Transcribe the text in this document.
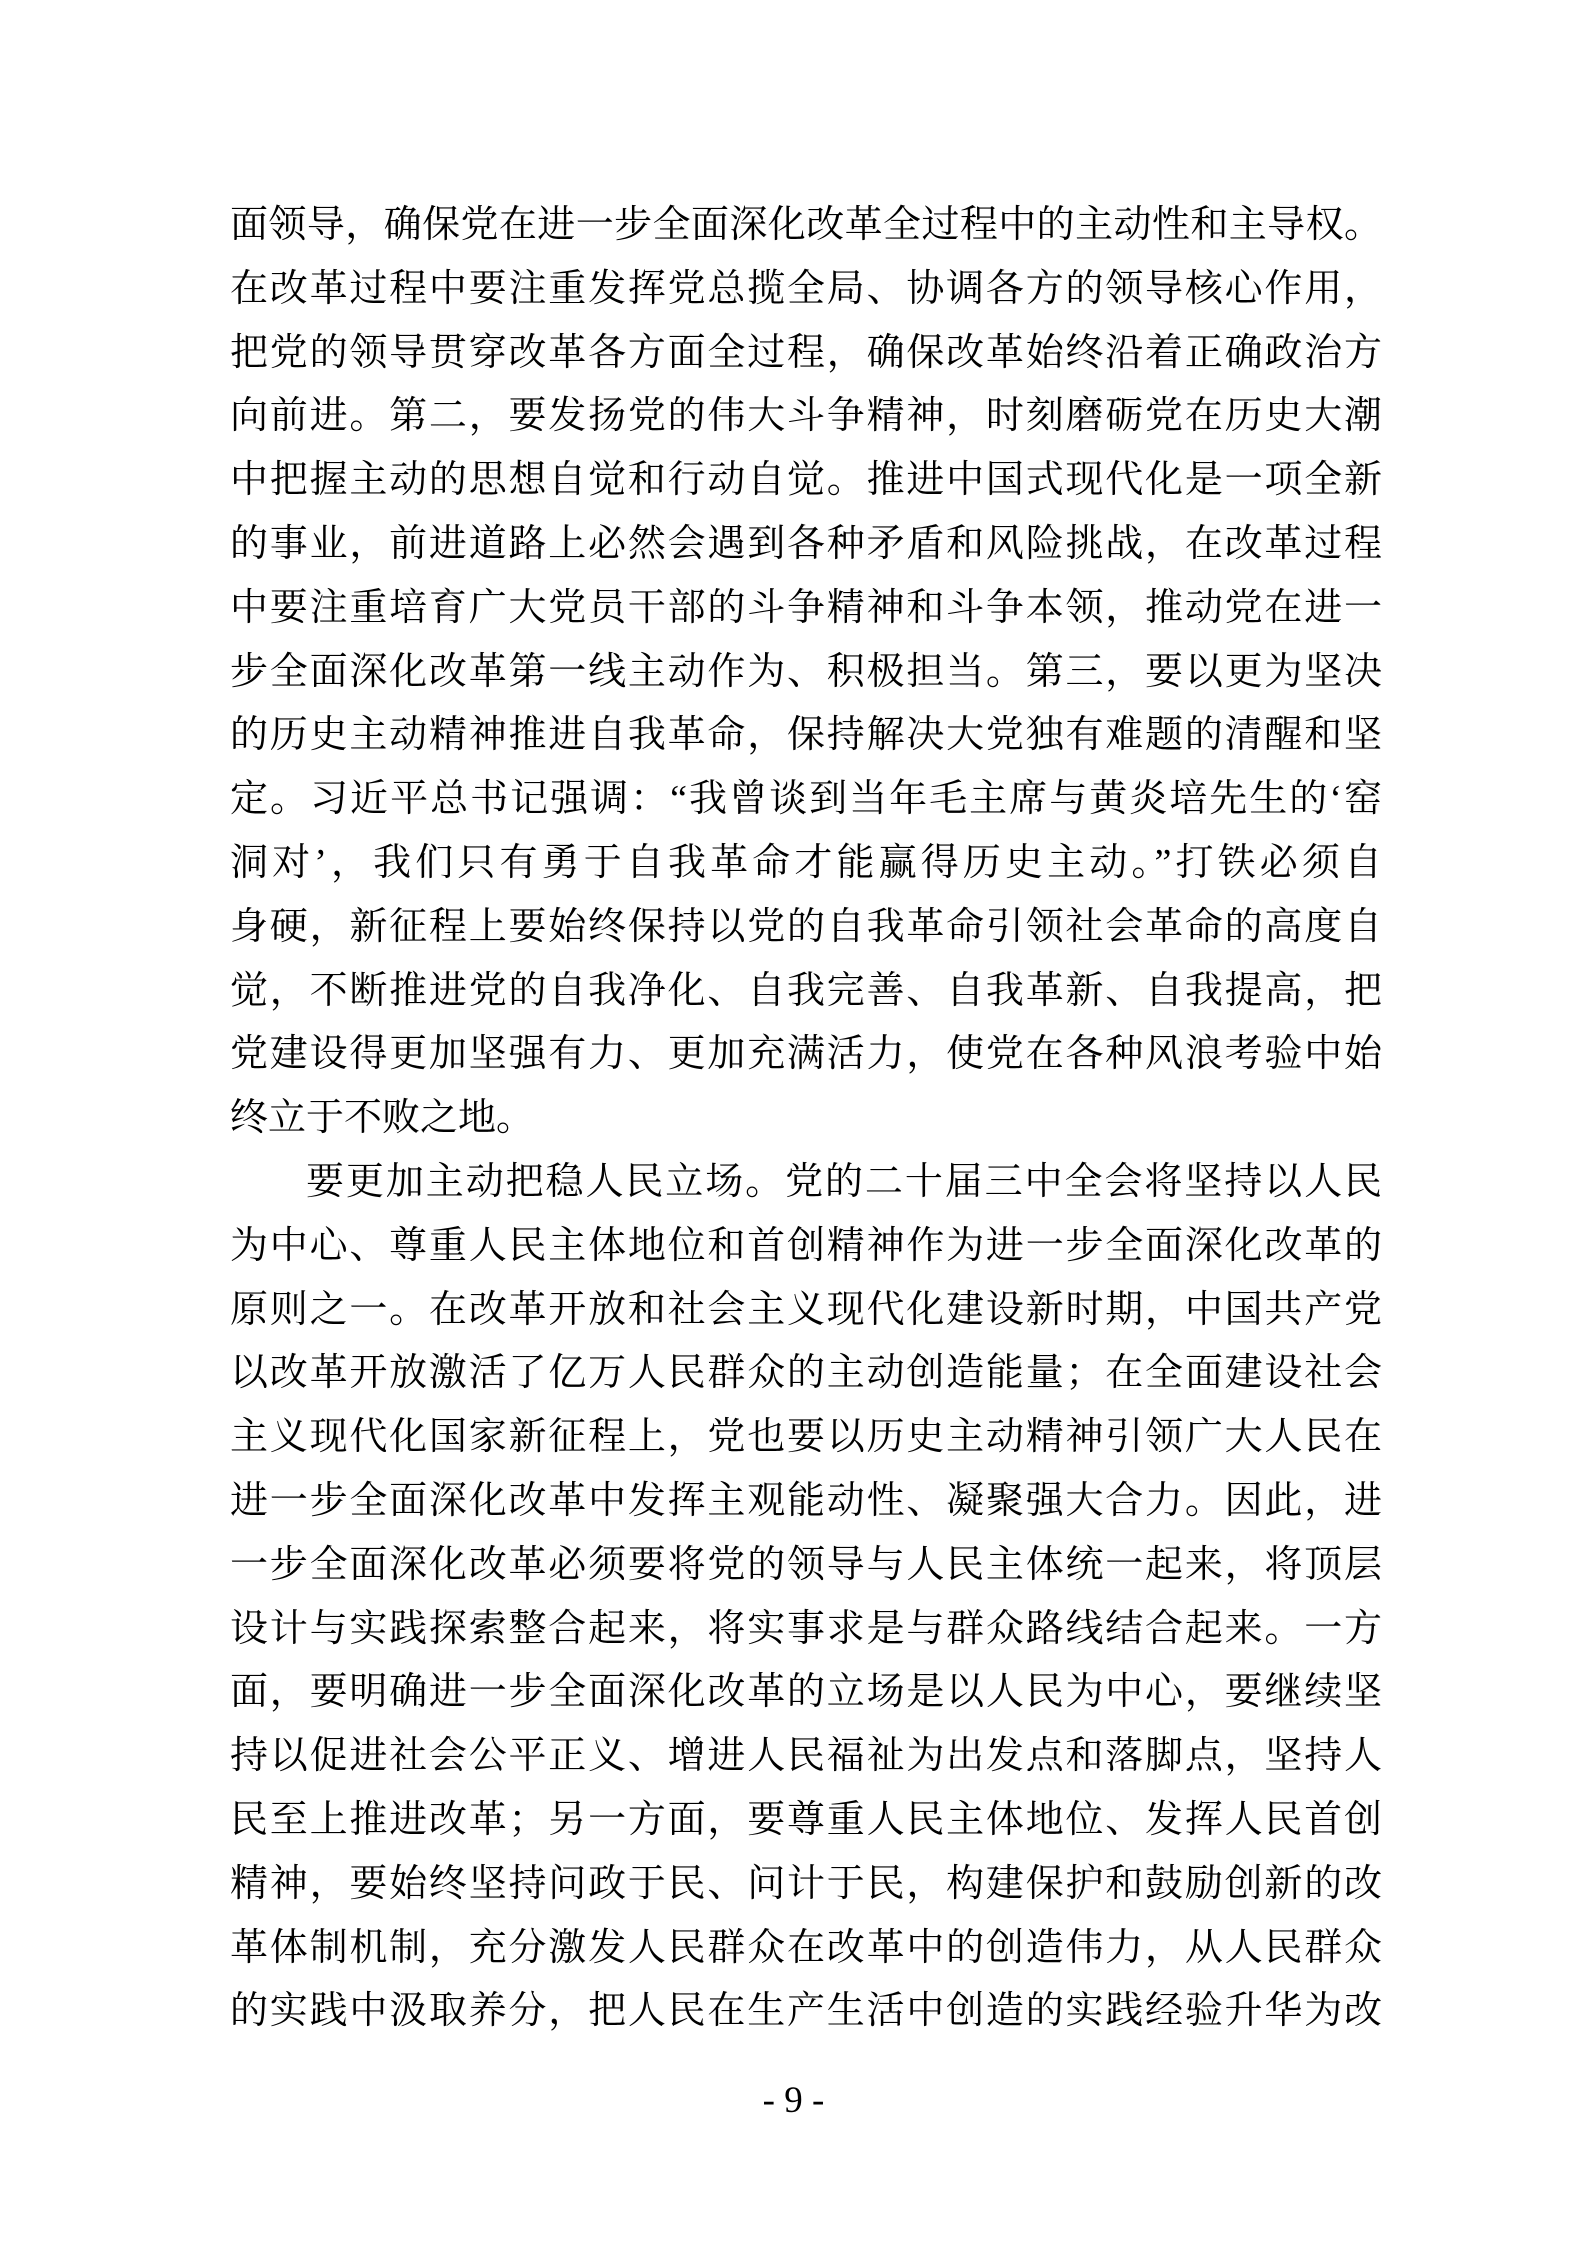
面领导，确保党在进一步全面深化改革全过程中的主动性和主导权。
在改革过程中要注重发挥党总揽全局、协调各方的领导核心作用，
把党的领导贯穿改革各方面全过程，确保改革始终沿着正确政治方
向前进。第二，要发扬党的伟大斗争精神，时刻磨砺党在历史大潮
中把握主动的思想自觉和行动自觉。推进中国式现代化是一项全新
的事业，前进道路上必然会遇到各种矛盾和风险挑战，在改革过程
中要注重培育广大党员干部的斗争精神和斗争本领，推动党在进一
步全面深化改革第一线主动作为、积极担当。第三，要以更为坚决
的历史主动精神推进自我革命，保持解决大党独有难题的清醒和坚
定。习近平总书记强调：“我曾谈到当年毛主席与黄炎培先生的‘窑
洞对’，我们只有勇于自我革命才能赢得历史主动。”打铁必须自
身硬，新征程上要始终保持以党的自我革命引领社会革命的高度自
觉，不断推进党的自我净化、自我完善、自我革新、自我提高，把
党建设得更加坚强有力、更加充满活力，使党在各种风浪考验中始
终立于不败之地。
要更加主动把稳人民立场。党的二十届三中全会将坚持以人民
为中心、尊重人民主体地位和首创精神作为进一步全面深化改革的
原则之一。在改革开放和社会主义现代化建设新时期，中国共产党
以改革开放激活了亿万人民群众的主动创造能量；在全面建设社会
主义现代化国家新征程上，党也要以历史主动精神引领广大人民在
进一步全面深化改革中发挥主观能动性、凝聚强大合力。因此，进
一步全面深化改革必须要将党的领导与人民主体统一起来，将顶层
设计与实践探索整合起来，将实事求是与群众路线结合起来。一方
面，要明确进一步全面深化改革的立场是以人民为中心，要继续坚
持以促进社会公平正义、增进人民福祉为出发点和落脚点，坚持人
民至上推进改革；另一方面，要尊重人民主体地位、发挥人民首创
精神，要始终坚持问政于民、问计于民，构建保护和鼓励创新的改
革体制机制，充分激发人民群众在改革中的创造伟力，从人民群众
的实践中汲取养分，把人民在生产生活中创造的实践经验升华为改
- 9 -
